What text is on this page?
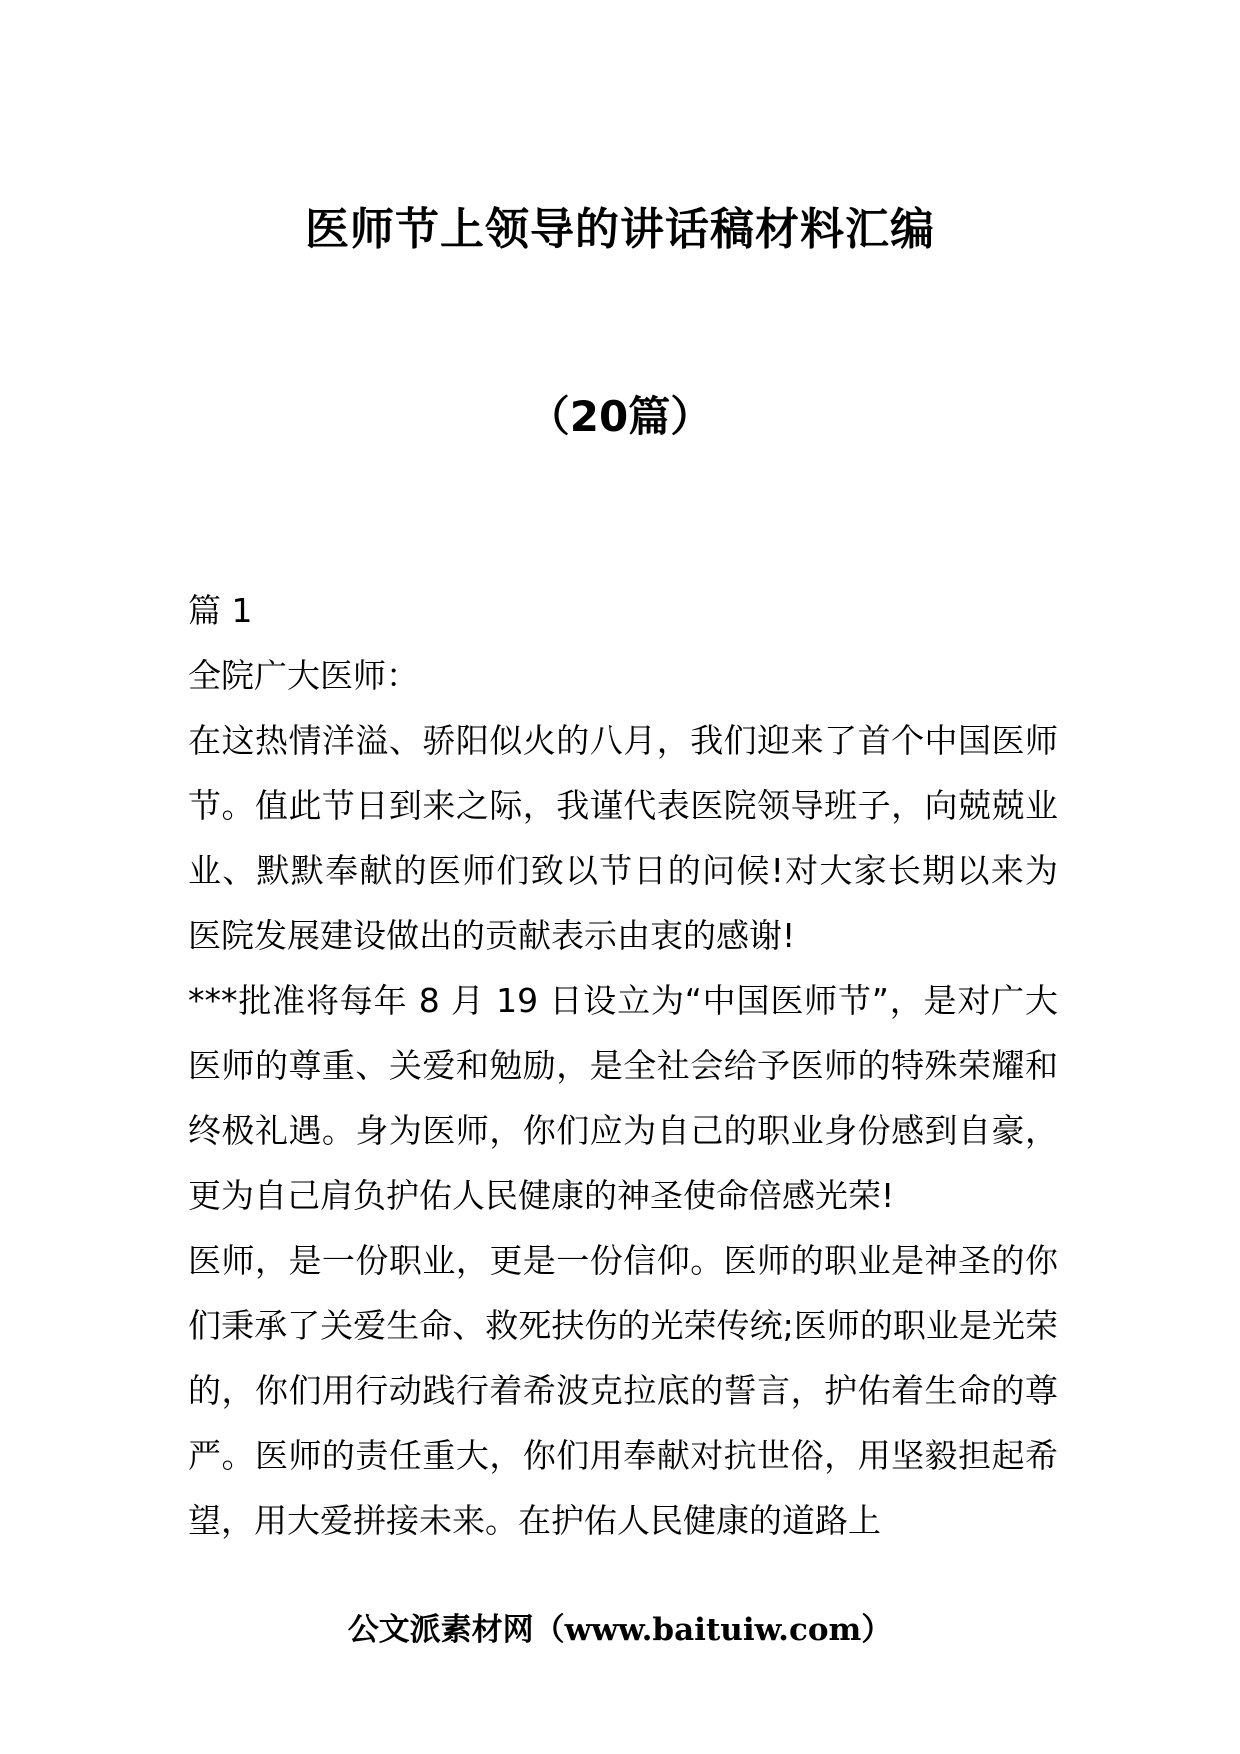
医师节上领导的讲话稿材料汇编
（20篇）

篇 1

全院广大医师：

在这热情洋溢、骄阳似火的八月，我们迎来了首个中国医师节。值此节日到来之际，我谨代表医院领导班子，向兢兢业业、默默奉献的医师们致以节日的问候!对大家长期以来为医院发展建设做出的贡献表示由衷的感谢!

***批准将每年 8 月 19 日设立为“中国医师节”，是对广大医师的尊重、关爱和勉励，是全社会给予医师的特殊荣耀和终极礼遇。身为医师，你们应为自己的职业身份感到自豪，更为自己肩负护佑人民健康的神圣使命倍感光荣!

医师，是一份职业，更是一份信仰。医师的职业是神圣的你们秉承了关爱生命、救死扶伤的光荣传统;医师的职业是光荣的，你们用行动践行着希波克拉底的誓言，护佑着生命的尊严。医师的责任重大，你们用奉献对抗世俗，用坚毅担起希望，用大爱拼接未来。在护佑人民健康的道路上

公文派素材网（www.baituiw.com）
